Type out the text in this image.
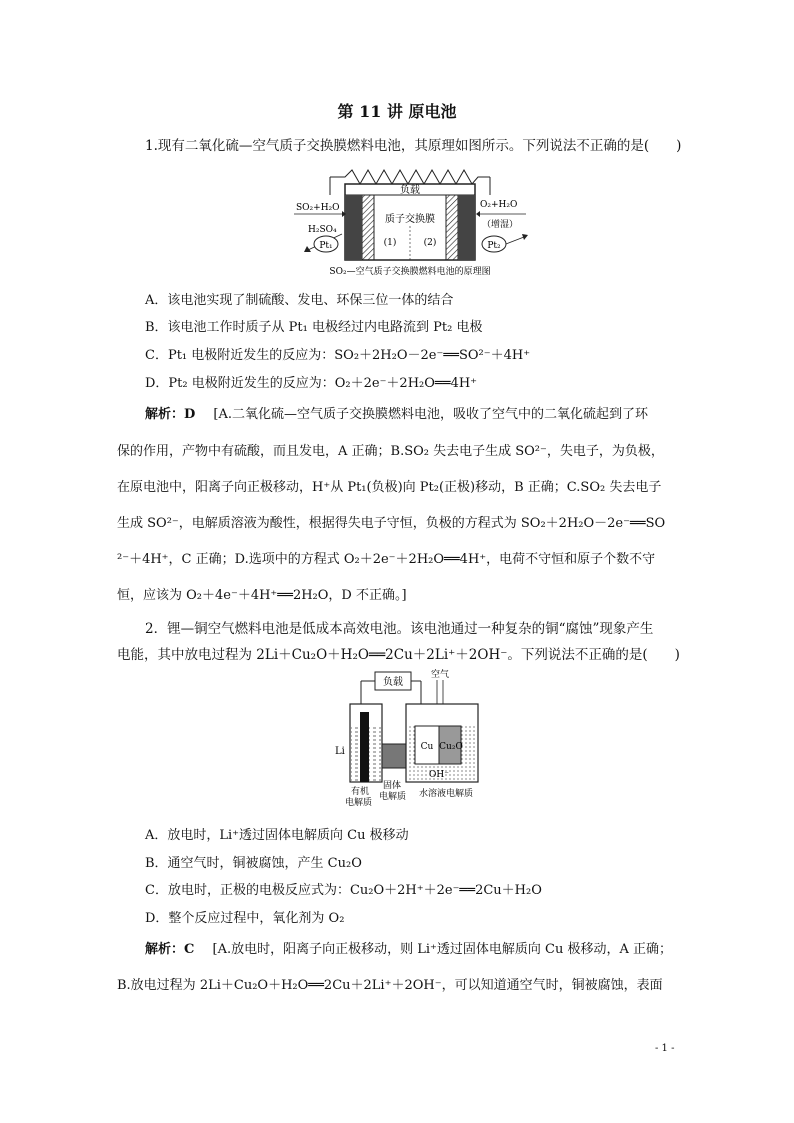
第 11 讲 原电池
1.现有二氧化硫—空气质子交换膜燃料电池，其原理如图所示。下列说法不正确的是(　　)
负载
质子交换膜
(1)	(2)
SO₂+H₂O
H₂SO₄
Pt₁
O₂+H₂O
（增湿）
Pt₂
SO₂—空气质子交换膜燃料电池的原理图
A．该电池实现了制硫酸、发电、环保三位一体的结合
B．该电池工作时质子从 Pt₁ 电极经过内电路流到 Pt₂ 电极
C．Pt₁ 电极附近发生的反应为：SO₂＋2H₂O－2e⁻══SO²⁻＋4H⁺
D．Pt₂ 电极附近发生的反应为：O₂＋2e⁻＋2H₂O══4H⁺
解析：D [A.二氧化硫—空气质子交换膜燃料电池，吸收了空气中的二氧化硫起到了环
保的作用，产物中有硫酸，而且发电，A 正确；B.SO₂ 失去电子生成 SO²⁻，失电子，为负极，
在原电池中，阳离子向正极移动，H⁺从 Pt₁(负极)向 Pt₂(正极)移动，B 正确；C.SO₂ 失去电子
生成 SO²⁻，电解质溶液为酸性，根据得失电子守恒，负极的方程式为 SO₂＋2H₂O－2e⁻══SO
²⁻＋4H⁺，C 正确；D.选项中的方程式 O₂＋2e⁻＋2H₂O══4H⁺，电荷不守恒和原子个数不守
恒，应该为 O₂＋4e⁻＋4H⁺══2H₂O，D 不正确。]
2．锂—铜空气燃料电池是低成本高效电池。该电池通过一种复杂的铜“腐蚀”现象产生
电能，其中放电过程为 2Li＋Cu₂O＋H₂O══2Cu＋2Li⁺＋2OH⁻。下列说法不正确的是(　　)
负载
空气
Li	Cu Cu₂O
OH⁻
有机
电解质
固体
电解质 水溶液电解质
A．放电时，Li⁺透过固体电解质向 Cu 极移动
B．通空气时，铜被腐蚀，产生 Cu₂O
C．放电时，正极的电极反应式为：Cu₂O＋2H⁺＋2e⁻══2Cu＋H₂O
D．整个反应过程中，氧化剂为 O₂
解析：C [A.放电时，阳离子向正极移动，则 Li⁺透过固体电解质向 Cu 极移动，A 正确；
B.放电过程为 2Li＋Cu₂O＋H₂O══2Cu＋2Li⁺＋2OH⁻，可以知道通空气时，铜被腐蚀，表面
- 1 -
